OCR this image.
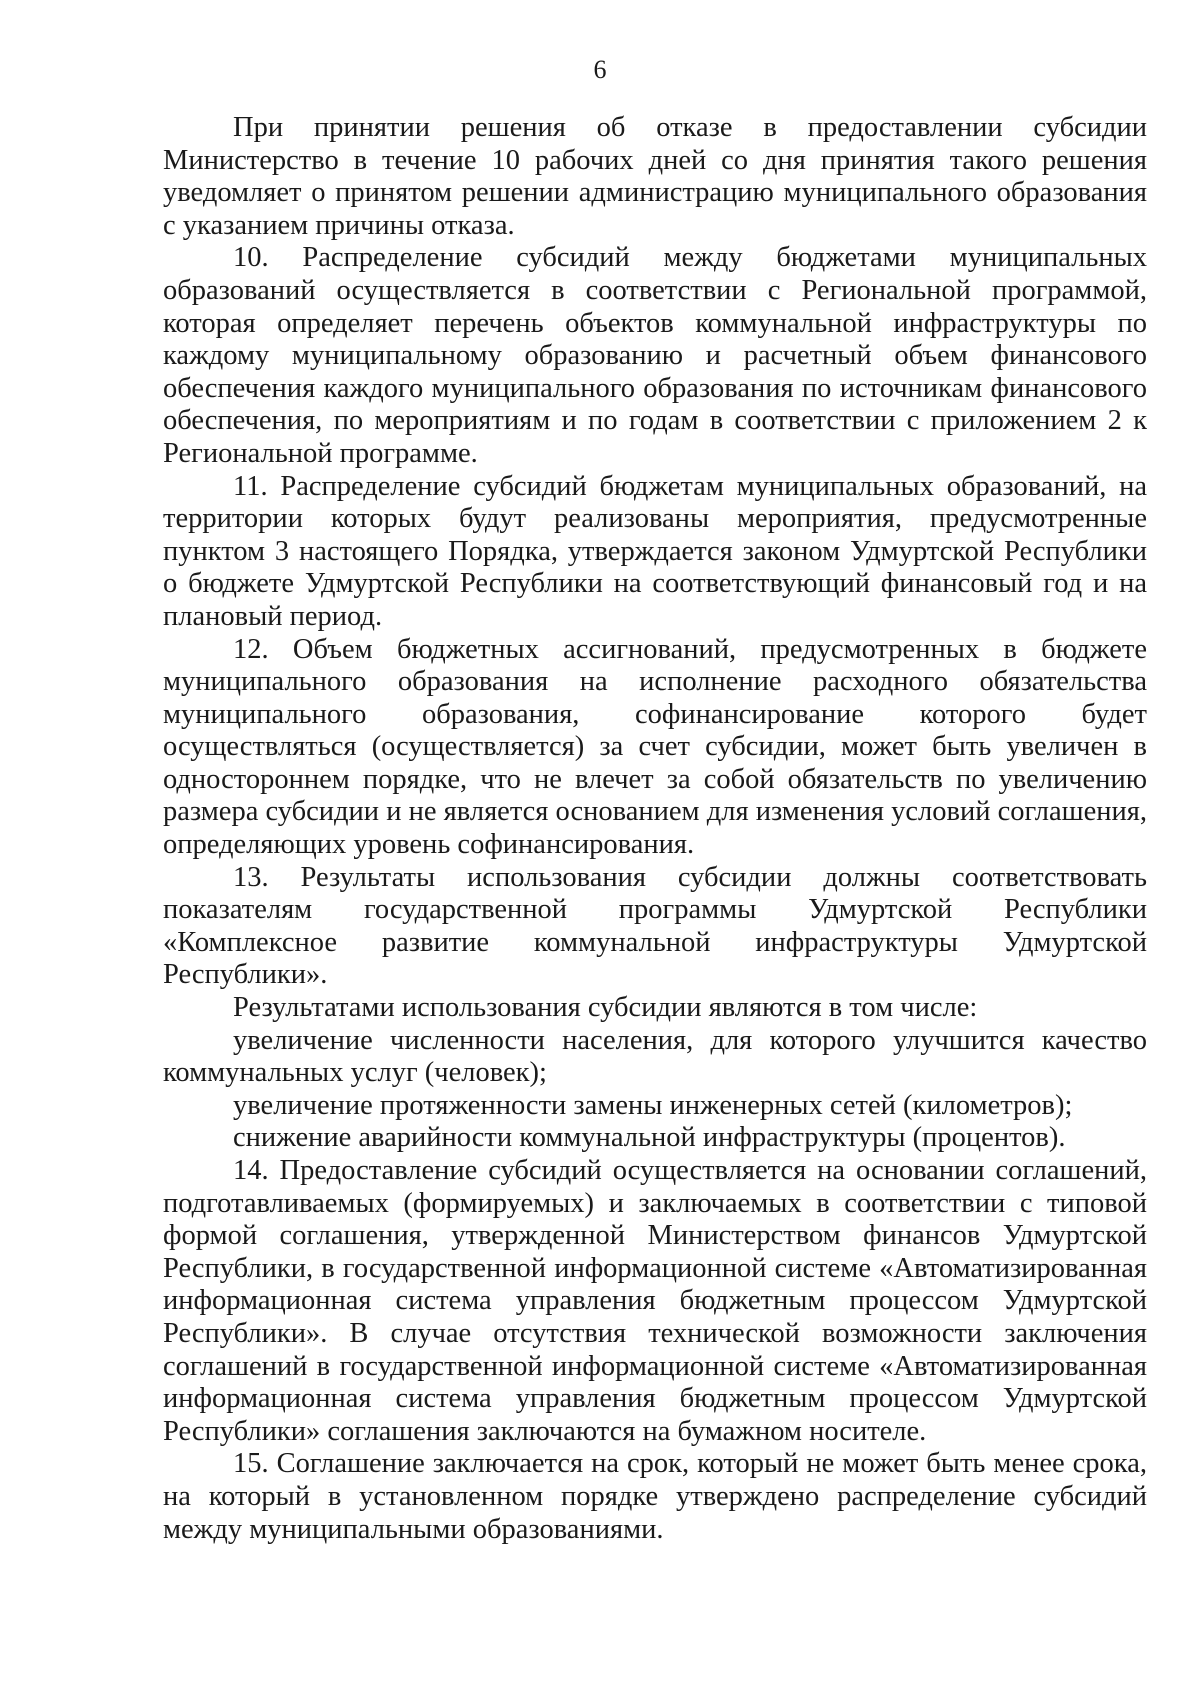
6

При принятии решения об отказе в предоставлении субсидии Министерство в течение 10 рабочих дней со дня принятия такого решения уведомляет о принятом решении администрацию муниципального образования с указанием причины отказа.

10. Распределение субсидий между бюджетами муниципальных образований осуществляется в соответствии с Региональной программой, которая определяет перечень объектов коммунальной инфраструктуры по каждому муниципальному образованию и расчетный объем финансового обеспечения каждого муниципального образования по источникам финансового обеспечения, по мероприятиям и по годам в соответствии с приложением 2 к Региональной программе.

11. Распределение субсидий бюджетам муниципальных образований, на территории которых будут реализованы мероприятия, предусмотренные пунктом 3 настоящего Порядка, утверждается законом Удмуртской Республики о бюджете Удмуртской Республики на соответствующий финансовый год и на плановый период.

12. Объем бюджетных ассигнований, предусмотренных в бюджете муниципального образования на исполнение расходного обязательства муниципального образования, софинансирование которого будет осуществляться (осуществляется) за счет субсидии, может быть увеличен в одностороннем порядке, что не влечет за собой обязательств по увеличению размера субсидии и не является основанием для изменения условий соглашения, определяющих уровень софинансирования.

13. Результаты использования субсидии должны соответствовать показателям государственной программы Удмуртской Республики «Комплексное развитие коммунальной инфраструктуры Удмуртской Республики».

Результатами использования субсидии являются в том числе:

увеличение численности населения, для которого улучшится качество коммунальных услуг (человек);

увеличение протяженности замены инженерных сетей (километров);

снижение аварийности коммунальной инфраструктуры (процентов).

14. Предоставление субсидий осуществляется на основании соглашений, подготавливаемых (формируемых) и заключаемых в соответствии с типовой формой соглашения, утвержденной Министерством финансов Удмуртской Республики, в государственной информационной системе «Автоматизированная информационная система управления бюджетным процессом Удмуртской Республики». В случае отсутствия технической возможности заключения соглашений в государственной информационной системе «Автоматизированная информационная система управления бюджетным процессом Удмуртской Республики» соглашения заключаются на бумажном носителе.

15. Соглашение заключается на срок, который не может быть менее срока, на который в установленном порядке утверждено распределение субсидий между муниципальными образованиями.
